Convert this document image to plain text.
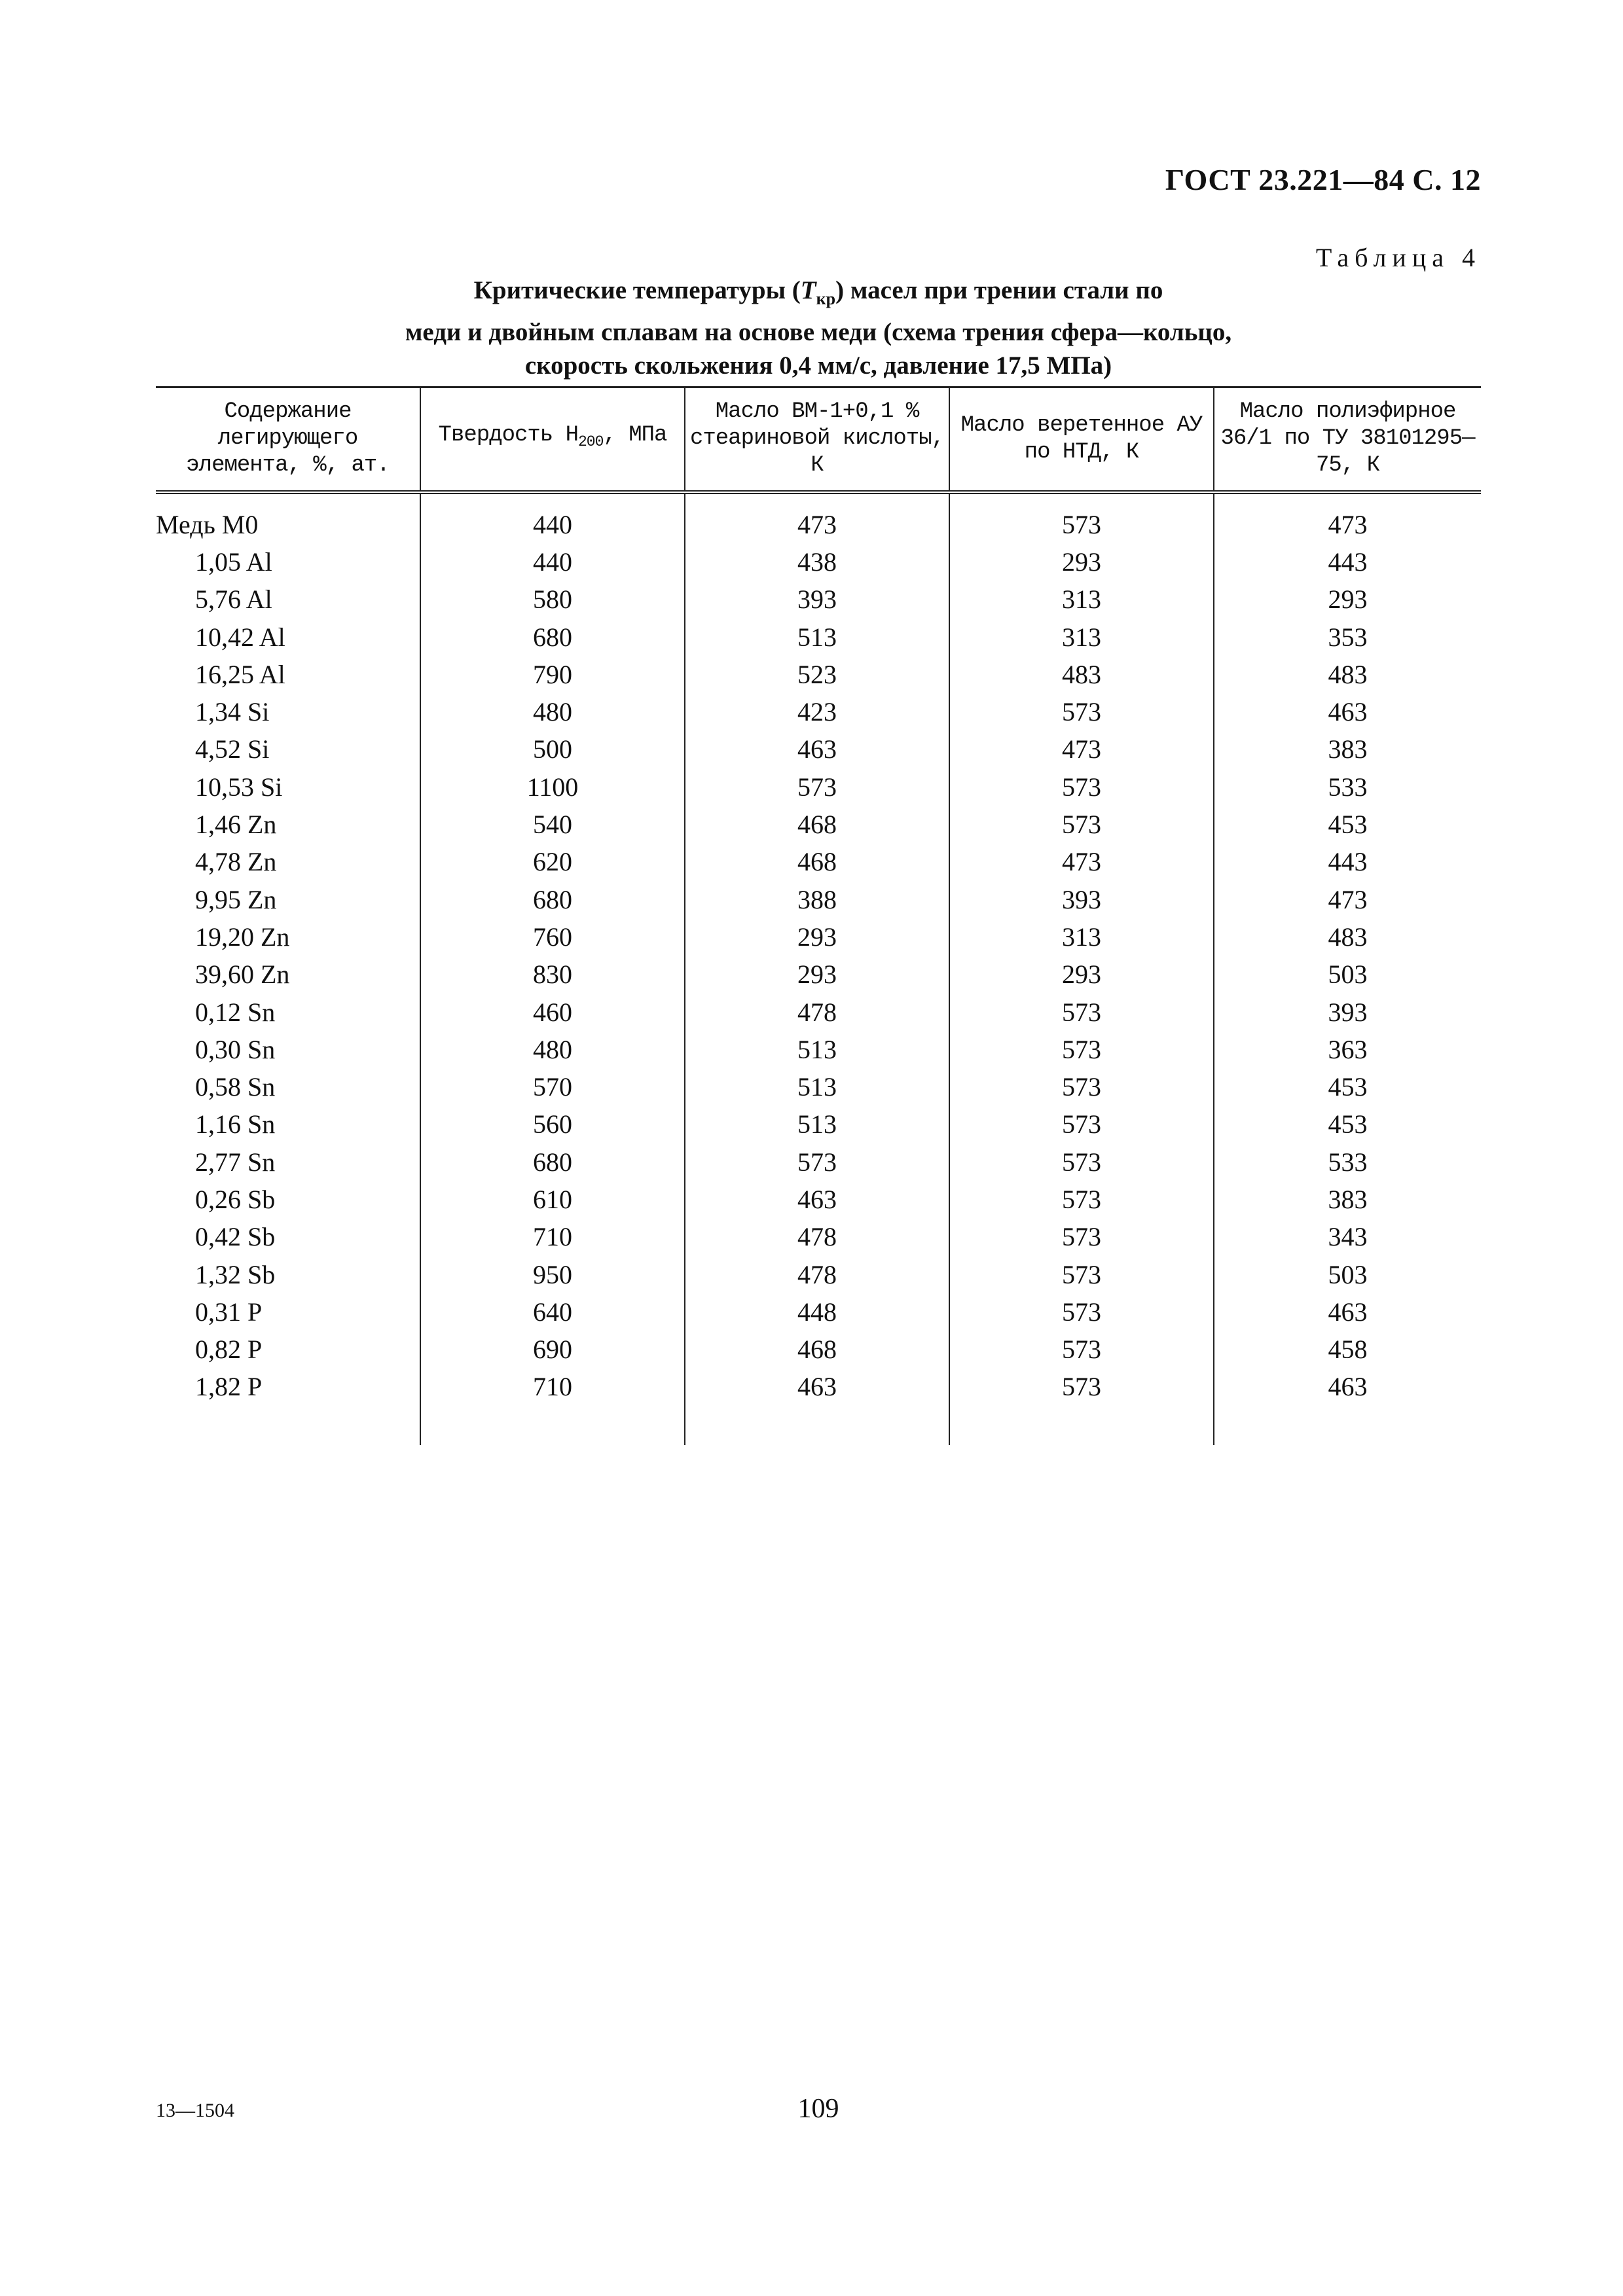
ГОСТ 23.221—84 С. 12
Таблица 4
Критические температуры $(T_{кр})$ масел при трении стали по
меди и двойным сплавам на основе меди (схема трения сфера—кольцо,
скорость скольжения 0,4 мм/с, давление 17,5 МПа)
Содержание легирующего элемента, %, ат.	Твердость $H_{200}$, МПа	Масло ВМ-1+0,1 % стеариновой кислоты, К	Масло веретенное АУ по НТД, К	Масло полиэфирное 36/1 по ТУ 38101295—75, К
Медь М0	440	473	573	473
1,05 Al	440	438	293	443
5,76 Al	580	393	313	293
10,42 Al	680	513	313	353
16,25 Al	790	523	483	483
1,34 Si	480	423	573	463
4,52 Si	500	463	473	383
10,53 Si	1100	573	573	533
1,46 Zn	540	468	573	453
4,78 Zn	620	468	473	443
9,95 Zn	680	388	393	473
19,20 Zn	760	293	313	483
39,60 Zn	830	293	293	503
0,12 Sn	460	478	573	393
0,30 Sn	480	513	573	363
0,58 Sn	570	513	573	453
1,16 Sn	560	513	573	453
2,77 Sn	680	573	573	533
0,26 Sb	610	463	573	383
0,42 Sb	710	478	573	343
1,32 Sb	950	478	573	503
0,31 P	640	448	573	463
0,82 P	690	468	573	458
1,82 P	710	463	573	463

13—1504	109
